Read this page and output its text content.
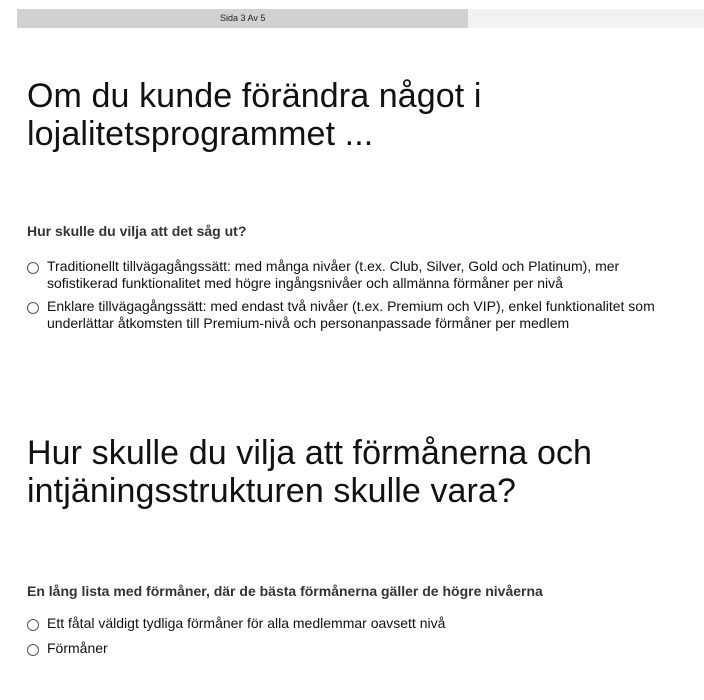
Sida 3 Av 5
Om du kunde förändra något i lojalitetsprogrammet ...
Hur skulle du vilja att det såg ut?
Traditionellt tillvägagångssätt: med många nivåer (t.ex. Club, Silver, Gold och Platinum), mer sofistikerad funktionalitet med högre ingångsnivåer och allmänna förmåner per nivå
Enklare tillvägagångssätt: med endast två nivåer (t.ex. Premium och VIP), enkel funktionalitet som underlättar åtkomsten till Premium-nivå och personanpassade förmåner per medlem
Hur skulle du vilja att förmånerna och intjäningsstrukturen skulle vara?
En lång lista med förmåner, där de bästa förmånerna gäller de högre nivåerna
Ett fåtal väldigt tydliga förmåner för alla medlemmar oavsett nivå
Förmåner
